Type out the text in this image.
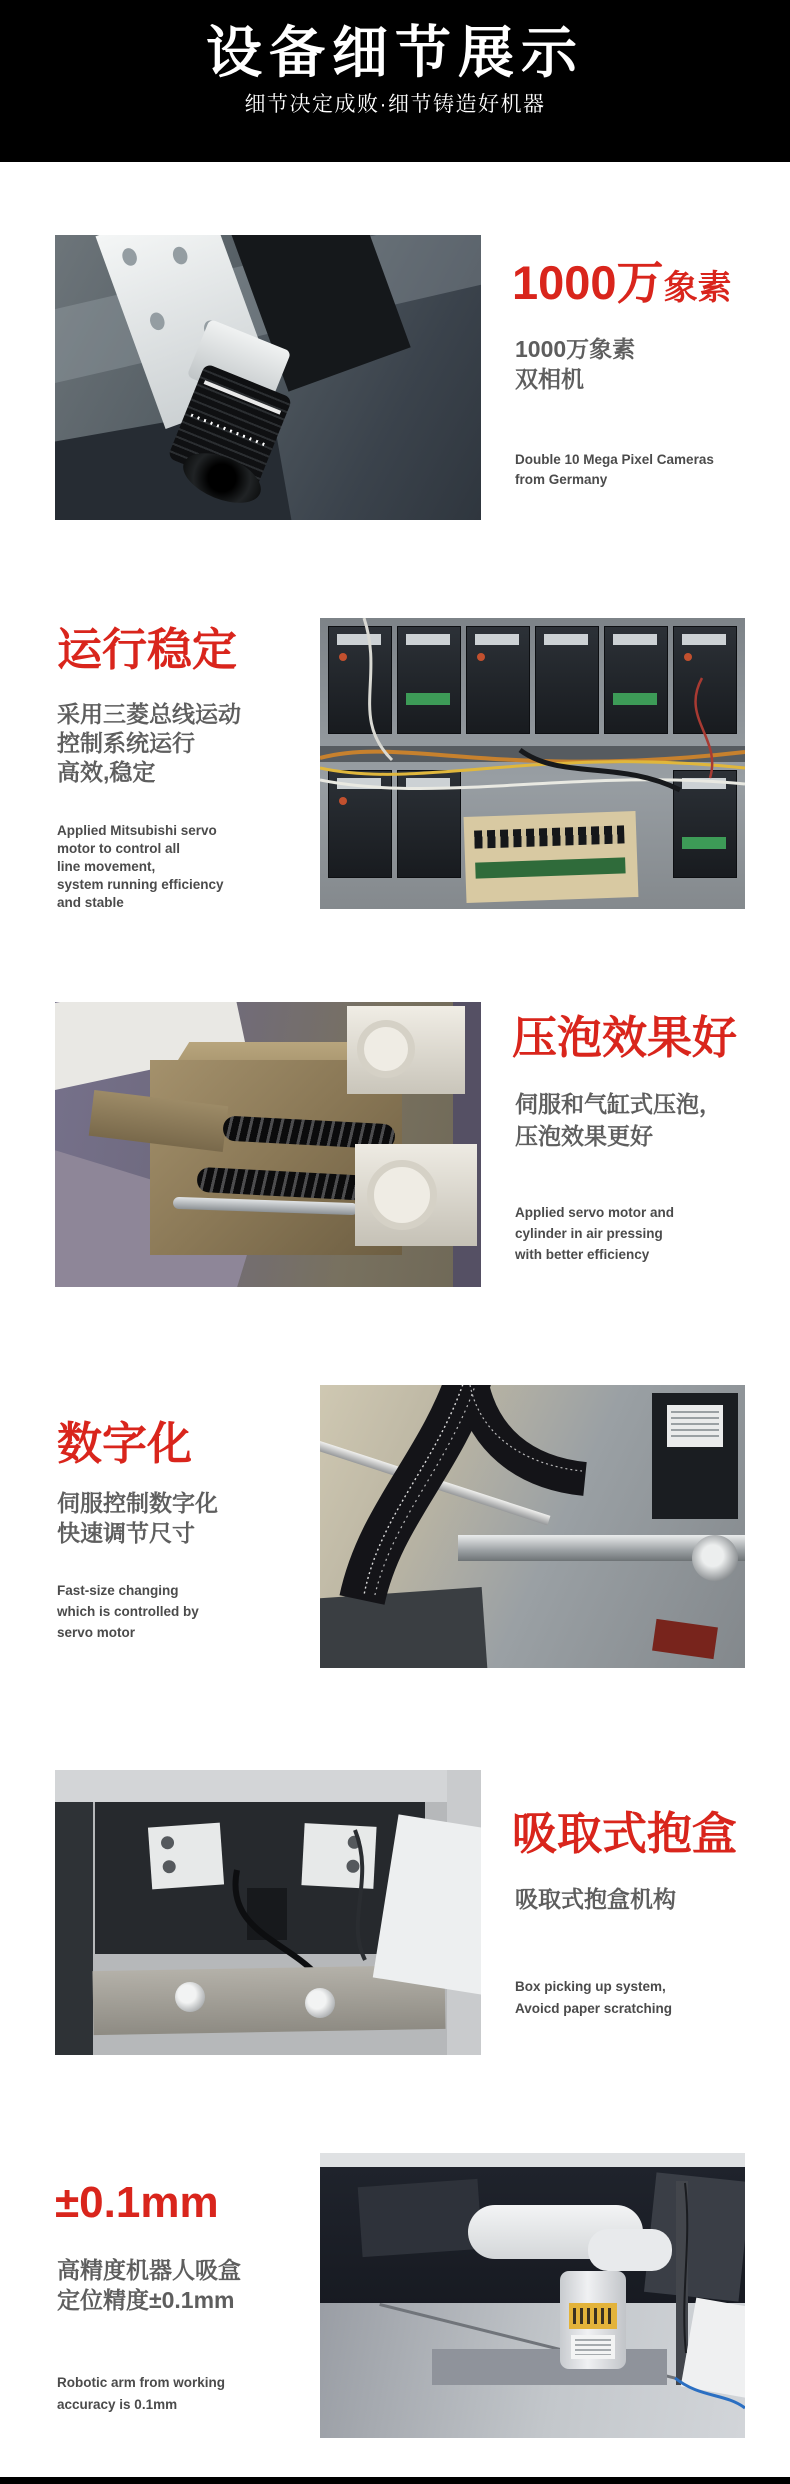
设备细节展示
细节决定成败·细节铸造好机器
1000万象素
1000万象素
双相机
Double 10 Mega Pixel Cameras
from Germany
运行稳定
采用三菱总线运动
控制系统运行
高效,稳定
Applied Mitsubishi servo
motor to control all
line movement,
system running efficiency
and stable
压泡效果好
伺服和气缸式压泡，
压泡效果更好
Applied servo motor and
cylinder in air pressing
with better efficiency
数字化
伺服控制数字化
快速调节尺寸
Fast-size changing
which is controlled by
servo motor
吸取式抱盒
吸取式抱盒机构
Box picking up system,
Avoicd paper scratching
±0.1mm
高精度机器人吸盒
定位精度±0.1mm
Robotic arm from working
accuracy is 0.1mm
